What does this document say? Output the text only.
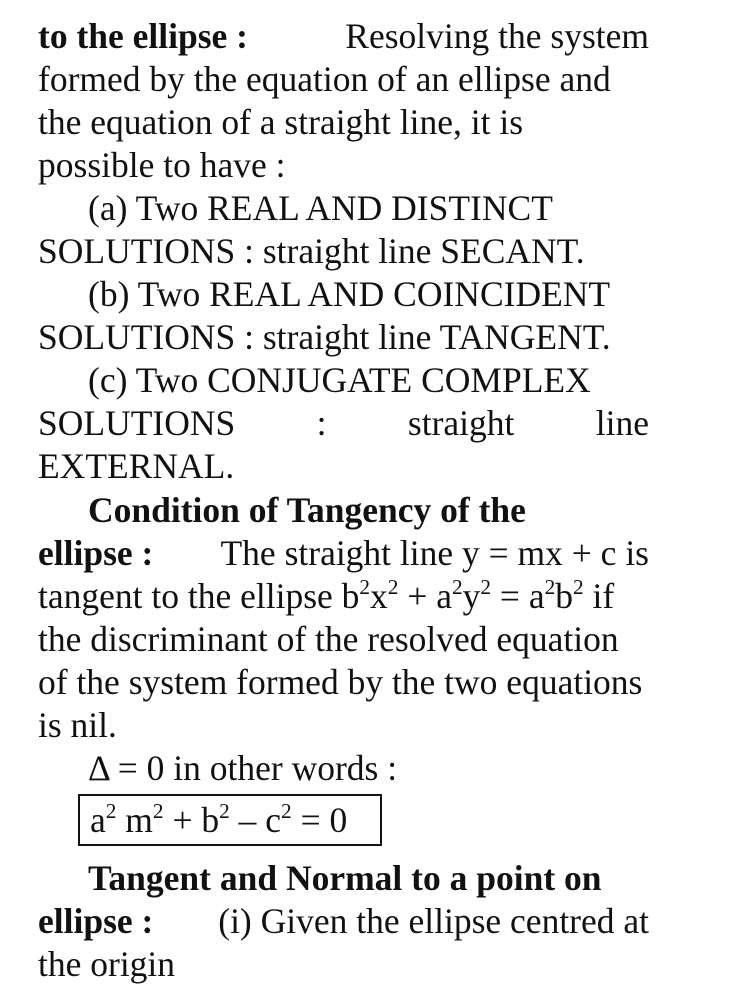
to the ellipse :	Resolving the system
formed by the equation of an ellipse and
the equation of a straight line, it is
possible to have :
(a) Two REAL AND DISTINCT
SOLUTIONS : straight line SECANT.
(b) Two REAL AND COINCIDENT
SOLUTIONS : straight line TANGENT.
(c) Two CONJUGATE COMPLEX
SOLUTIONS : straight line
EXTERNAL.
Condition of Tangency of the
ellipse : The straight line y = mx + c is
tangent to the ellipse $b^2x^2 + a^2y^2 = a^2b^2$ if
the discriminant of the resolved equation
of the system formed by the two equations
is nil.
Δ = 0 in other words :
$a^2$ $m^2 + b^2 - c^2 = 0$
Tangent and Normal to a point on
ellipse : (i) Given the ellipse centred at
the origin
